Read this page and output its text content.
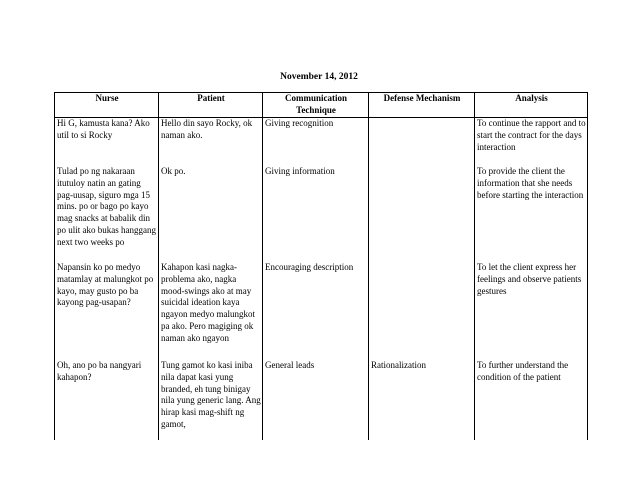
November 14, 2012
Nurse	Patient	Communication Technique	Defense Mechanism	Analysis
Hi G, kamusta kana? Ako util to si Rocky	Hello din sayo Rocky, ok naman ako.	Giving recognition		To continue the rapport and to start the contract for the days interaction
Tulad po ng nakaraan itutuloy natin an gating pag-uusap, siguro mga 15 mins. po or bago po kayo mag snacks at babalik din po ulit ako bukas hanggang next two weeks po	Ok po.	Giving information		To provide the client the information that she needs before starting the interaction
Napansin ko po medyo matamlay at malungkot po kayo, may gusto po ba kayong pag-usapan?	Kahapon kasi nagka-problema ako, nagka mood-swings ako at may suicidal ideation kaya ngayon medyo malungkot pa ako. Pero magiging ok naman ako ngayon	Encouraging description		To let the client express her feelings and observe patients gestures
Oh, ano po ba nangyari kahapon?	Tung gamot ko kasi iniba nila dapat kasi yung branded, eh tung binigay nila yung generic lang. Ang hirap kasi mag-shift ng gamot,	General leads	Rationalization	To further understand the condition of the patient
